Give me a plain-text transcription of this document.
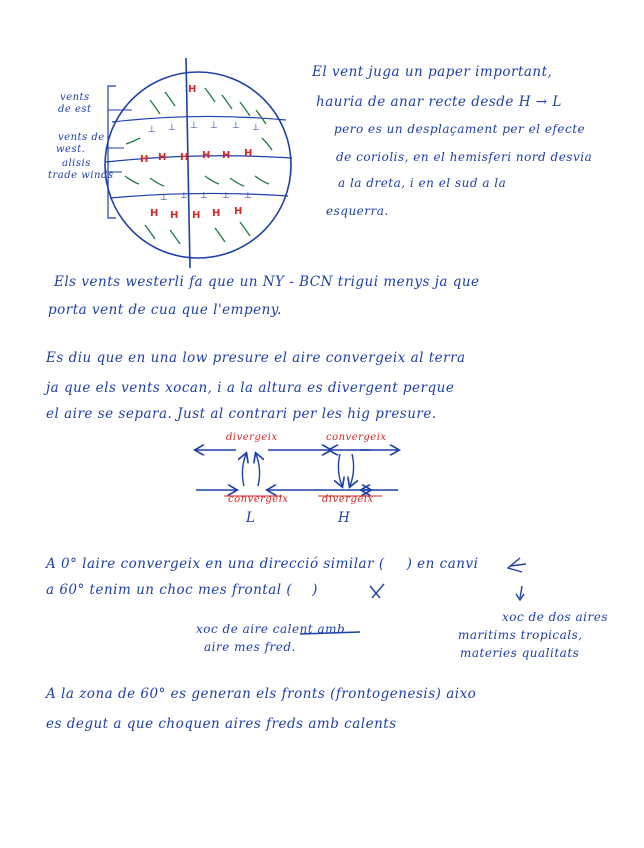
H H H H H H
H H H H H
H
⊥ ⊥ ⊥ ⊥ ⊥ ⊥
⊥ ⊥ ⊥ ⊥ ⊥
vents
de est
vents de
west.
alisis
trade winds
El vent juga un paper important,
hauria de anar recte desde H → L
pero es un desplaçament per el efecte
de coriolis, en el hemisferi nord desvia
a la dreta, i en el sud a la
esquerra.
Els vents westerli fa que un NY - BCN trigui menys ja que
porta vent de cua que l'empeny.
Es diu que en una low presure el aire convergeix al terra
ja que els vents xocan, i a la altura es divergent perque
el aire se separa. Just al contrari per les hig presure.
divergeix	convergeix
convergeix	divergeix
L	H
A 0° laire convergeix en una direcció similar ( ) en canvi
a 60° tenim un choc mes frontal ( )
xoc de aire calent amb
aire mes fred.
xoc de dos aires
maritims tropicals,
materies qualitats
A la zona de 60° es generan els fronts (frontogenesis) aixo
es degut a que choquen aires freds amb calents
